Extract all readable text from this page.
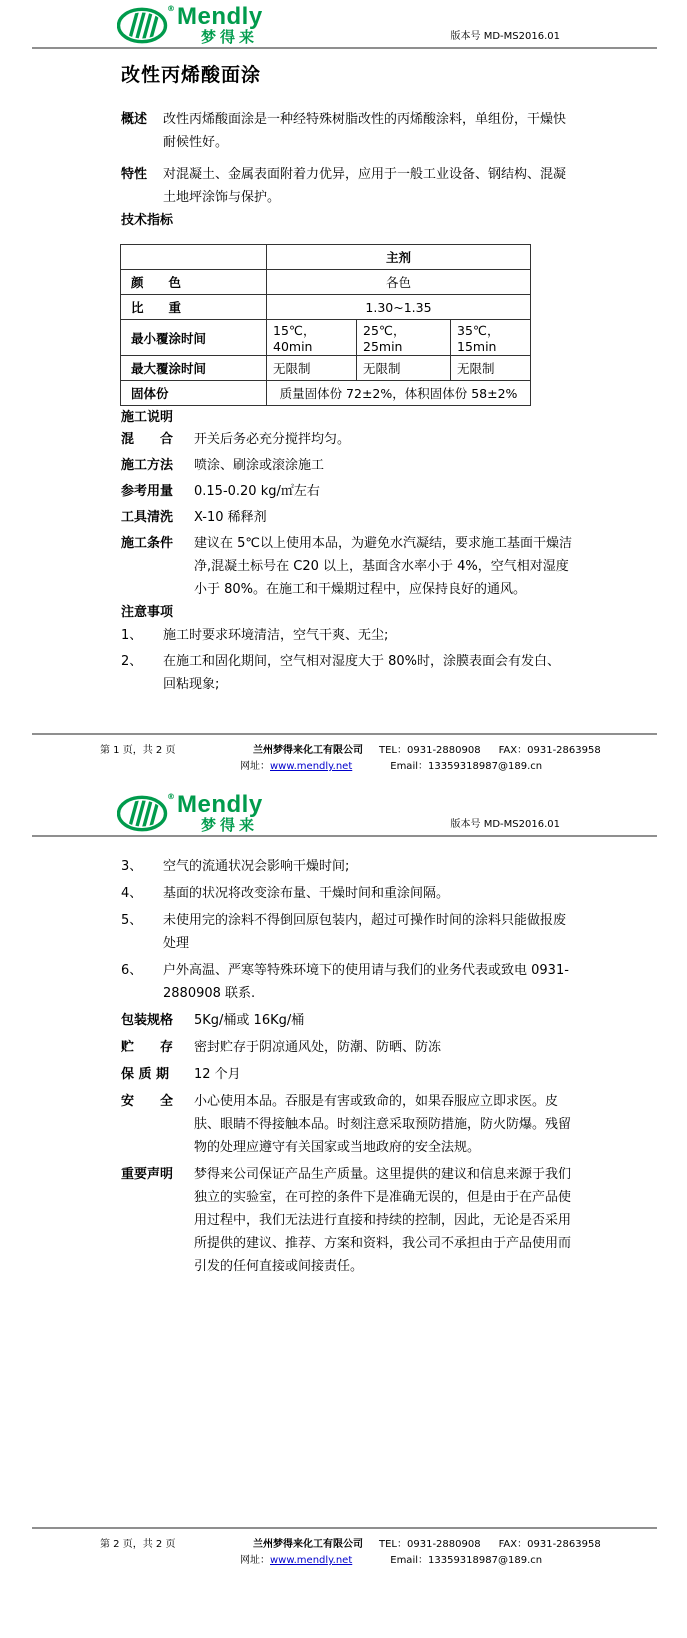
® Mendly
梦得来	版本号 MD-MS2016.01
改性丙烯酸面涂
概述	改性丙烯酸面涂是一种经特殊树脂改性的丙烯酸涂料，单组份，干燥快耐候性好。
特性	对混凝土、金属表面附着力优异，应用于一般工业设备、钢结构、混凝土地坪涂饰与保护。
技术指标
	主剂		
颜　　色	各色		
比　　重	1.30~1.35		
最小覆涂时间	15℃，40min	25℃，25min	35℃，15min
最大覆涂时间	无限制	无限制	无限制
固体份	质量固体份 72±2%，体积固体份 58±2%		
施工说明
混　　合	开关后务必充分搅拌均匀。
施工方法	喷涂、刷涂或滚涂施工
参考用量	0.15-0.20 kg/㎡左右
工具清洗	X-10 稀释剂
施工条件	建议在 5℃以上使用本品，为避免水汽凝结，要求施工基面干燥洁净,混凝土标号在 C20 以上，基面含水率小于 4%，空气相对湿度小于 80%。在施工和干燥期过程中，应保持良好的通风。
注意事项
1、	施工时要求环境清洁，空气干爽、无尘;
2、	在施工和固化期间，空气相对湿度大于 80%时，涂膜表面会有发白、回粘现象;
第 1 页，共 2 页	兰州梦得来化工有限公司 TEL：0931-2880908 FAX：0931-2863958
网址：www.mendly.net	Email：13359318987@189.cn
® Mendly
梦得来	版本号 MD-MS2016.01
3、	空气的流通状况会影响干燥时间;
4、	基面的状况将改变涂布量、干燥时间和重涂间隔。
5、	未使用完的涂料不得倒回原包装内，超过可操作时间的涂料只能做报废处理
6、	户外高温、严寒等特殊环境下的使用请与我们的业务代表或致电 0931-2880908 联系.
包装规格	5Kg/桶或 16Kg/桶
贮　　存	密封贮存于阴凉通风处，防潮、防晒、防冻
保 质 期	12 个月
安　　全	小心使用本品。吞服是有害或致命的，如果吞服应立即求医。皮肤、眼睛不得接触本品。时刻注意采取预防措施，防火防爆。残留物的处理应遵守有关国家或当地政府的安全法规。
重要声明	梦得来公司保证产品生产质量。这里提供的建议和信息来源于我们独立的实验室，在可控的条件下是准确无误的，但是由于在产品使用过程中，我们无法进行直接和持续的控制，因此，无论是否采用所提供的建议、推荐、方案和资料，我公司不承担由于产品使用而引发的任何直接或间接责任。
第 2 页，共 2 页	兰州梦得来化工有限公司 TEL：0931-2880908 FAX：0931-2863958
网址：www.mendly.net	Email：13359318987@189.cn
